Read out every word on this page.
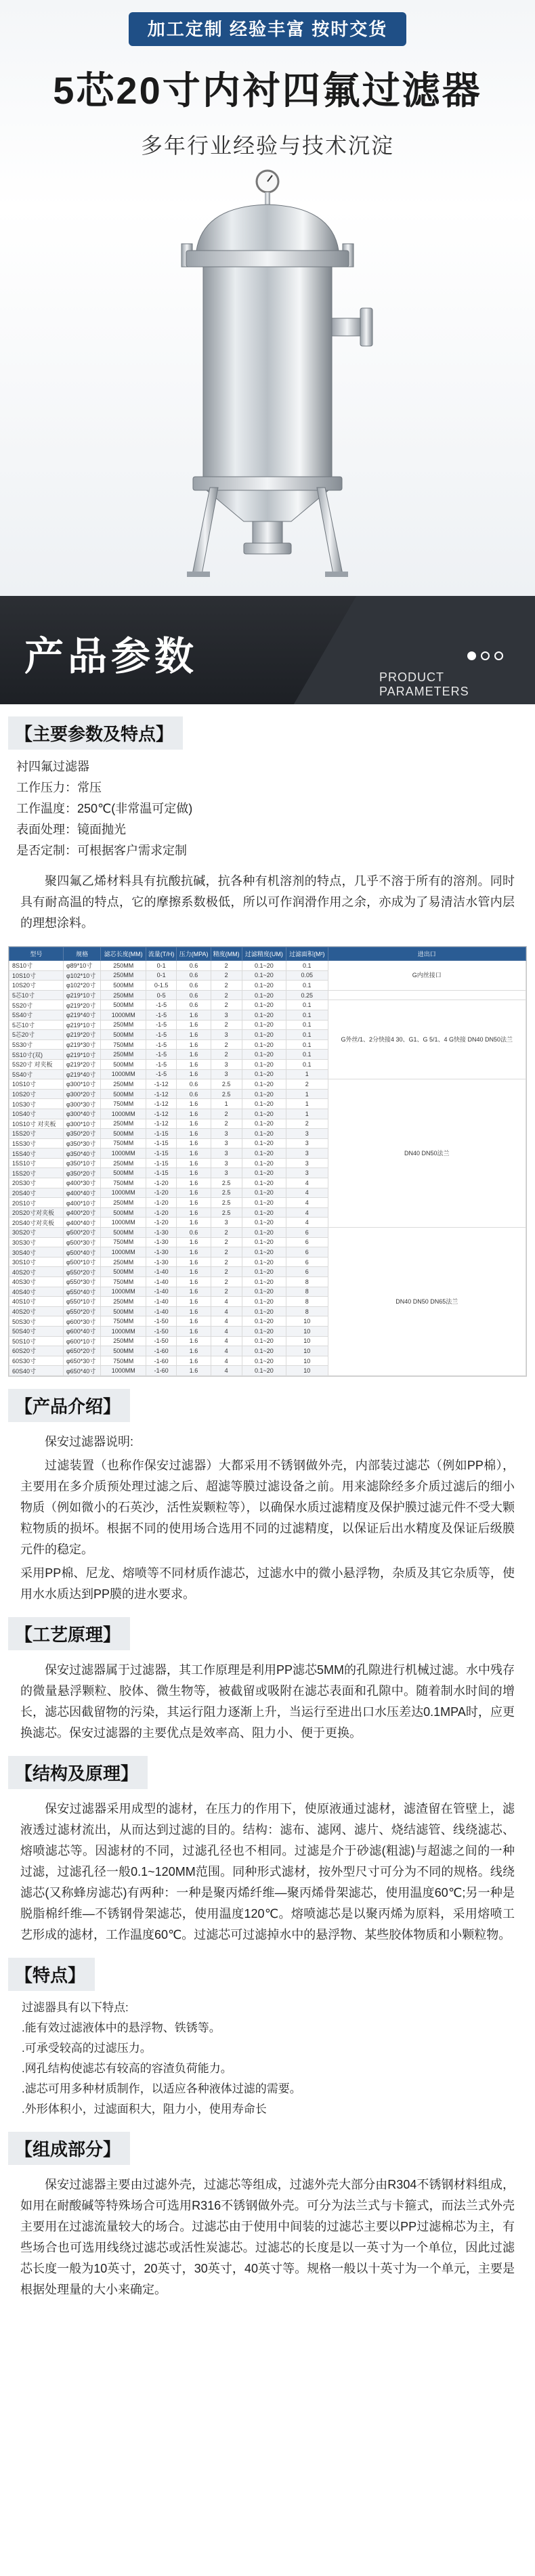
加工定制 经验丰富 按时交货
5芯20寸内衬四氟过滤器
多年行业经验与技术沉淀
产品参数	PRODUCT PARAMETERS
【主要参数及特点】
衬四氟过滤器
工作压力：常压
工作温度：250℃(非常温可定做)
表面处理：镜面抛光
是否定制：可根据客户需求定制
聚四氟乙烯材料具有抗酸抗碱，抗各种有机溶剂的特点，几乎不溶于所有的溶剂。同时具有耐高温的特点，它的摩擦系数极低，所以可作润滑作用之余，亦成为了易清洁水管内层的理想涂料。
型号	规格	滤芯长度(MM)	流量(T/H)	压力(MPA)	精度(MM)	过滤精度(UM)	过滤面积(M²)	进出口
8S10寸	φ89*10寸	250MM	0-1	0.6	2	0.1~20	0.1	G内丝接口
10S10寸	φ102*10寸	250MM	0-1	0.6	2	0.1~20	0.05	
10S20寸	φ102*20寸	500MM	0-1.5	0.6	2	0.1~20	0.1	
5芯10寸	φ219*10寸	250MM	0-5	0.6	2	0.1~20	0.25	
5S20寸	φ219*20寸	500MM	-1-5	0.6	2	0.1~20	0.1	G外丝/1、2分快接4 30、G1、G 5/1、4 G快接 DN40 DN50法兰
5S40寸	φ219*40寸	1000MM	-1-5	1.6	3	0.1~20	0.1	
5芯10寸	φ219*10寸	250MM	-1-5	1.6	2	0.1~20	0.1	
5芯20寸	φ219*20寸	500MM	-1-5	1.6	3	0.1~20	0.1	
5S30寸	φ219*30寸	750MM	-1-5	1.6	2	0.1~20	0.1	
5S10寸(双)	φ219*10寸	250MM	-1-5	1.6	2	0.1~20	0.1	
5S20寸 对夹板	φ219*20寸	500MM	-1-5	1.6	3	0.1~20	0.1	
5S40寸	φ219*40寸	1000MM	-1-5	1.6	3	0.1~20	1	
10S10寸	φ300*10寸	250MM	-1-12	0.6	2.5	0.1~20	2	DN40 DN50法兰
10S20寸	φ300*20寸	500MM	-1-12	0.6	2.5	0.1~20	1	
10S30寸	φ300*30寸	750MM	-1-12	1.6	1	0.1~20	1	
10S40寸	φ300*40寸	1000MM	-1-12	1.6	2	0.1~20	1	
10S10寸 对夹板	φ300*10寸	250MM	-1-12	1.6	2	0.1~20	2	
15S20寸	φ350*20寸	500MM	-1-15	1.6	3	0.1~20	3	
15S30寸	φ350*30寸	750MM	-1-15	1.6	3	0.1~20	3	
15S40寸	φ350*40寸	1000MM	-1-15	1.6	3	0.1~20	3	
15S10寸	φ350*10寸	250MM	-1-15	1.6	3	0.1~20	3	
15S20寸	φ350*20寸	500MM	-1-15	1.6	3	0.1~20	3	
20S30寸	φ400*30寸	750MM	-1-20	1.6	2.5	0.1~20	4	
20S40寸	φ400*40寸	1000MM	-1-20	1.6	2.5	0.1~20	4	
20S10寸	φ400*10寸	250MM	-1-20	1.6	2.5	0.1~20	4	
20S20寸对夹板	φ400*20寸	500MM	-1-20	1.6	2.5	0.1~20	4	
20S40寸对夹板	φ400*40寸	1000MM	-1-20	1.6	3	0.1~20	4	
30S20寸	φ500*20寸	500MM	-1-30	0.6	2	0.1~20	6	DN40 DN50 DN65法兰
30S30寸	φ500*30寸	750MM	-1-30	1.6	2	0.1~20	6	
30S40寸	φ500*40寸	1000MM	-1-30	1.6	2	0.1~20	6	
30S10寸	φ500*10寸	250MM	-1-30	1.6	2	0.1~20	6	
40S20寸	φ550*20寸	500MM	-1-40	1.6	2	0.1~20	6	
40S30寸	φ550*30寸	750MM	-1-40	1.6	2	0.1~20	8	
40S40寸	φ550*40寸	1000MM	-1-40	1.6	2	0.1~20	8	
40S10寸	φ550*10寸	250MM	-1-40	1.6	4	0.1~20	8	
40S20寸	φ550*20寸	500MM	-1-40	1.6	4	0.1~20	8	
50S30寸	φ600*30寸	750MM	-1-50	1.6	4	0.1~20	10	
50S40寸	φ600*40寸	1000MM	-1-50	1.6	4	0.1~20	10	
50S10寸	φ600*10寸	250MM	-1-50	1.6	4	0.1~20	10	
60S20寸	φ650*20寸	500MM	-1-60	1.6	4	0.1~20	10	
60S30寸	φ650*30寸	750MM	-1-60	1.6	4	0.1~20	10	
60S40寸	φ650*40寸	1000MM	-1-60	1.6	4	0.1~20	10	
【产品介绍】
保安过滤器说明:
过滤装置（也称作保安过滤器）大都采用不锈钢做外壳，内部装过滤芯（例如PP棉），主要用在多介质预处理过滤之后、超滤等膜过滤设备之前。用来滤除经多介质过滤后的细小物质（例如微小的石英沙，活性炭颗粒等），以确保水质过滤精度及保护膜过滤元件不受大颗粒物质的损坏。根据不同的使用场合选用不同的过滤精度，以保证后出水精度及保证后级膜元件的稳定。
采用PP棉、尼龙、熔喷等不同材质作滤芯，过滤水中的微小悬浮物，杂质及其它杂质等，使用水水质达到PP膜的进水要求。
【工艺原理】
保安过滤器属于过滤器，其工作原理是利用PP滤芯5MM的孔隙进行机械过滤。水中残存的微量悬浮颗粒、胶体、微生物等，被截留或吸附在滤芯表面和孔隙中。随着制水时间的增长，滤芯因截留物的污染，其运行阻力逐渐上升，当运行至进出口水压差达0.1MPA时，应更换滤芯。保安过滤器的主要优点是效率高、阻力小、便于更换。
【结构及原理】
保安过滤器采用成型的滤材，在压力的作用下，使原液通过滤材，滤渣留在管壁上，滤液透过滤材流出，从而达到过滤的目的。结构：滤布、滤网、滤片、烧结滤管、线绕滤芯、熔喷滤芯等。因滤材的不同，过滤孔径也不相同。过滤是介于砂滤(粗滤)与超滤之间的一种过滤，过滤孔径一般0.1~120MM范围。同种形式滤材，按外型尺寸可分为不同的规格。线绕滤芯(又称蜂房滤芯)有两种：一种是聚丙烯纤维—聚丙烯骨架滤芯，使用温度60℃;另一种是脱脂棉纤维—不锈钢骨架滤芯，使用温度120℃。熔喷滤芯是以聚丙烯为原料，采用熔喷工艺形成的滤材，工作温度60℃。过滤芯可过滤掉水中的悬浮物、某些胶体物质和小颗粒物。
【特点】
过滤器具有以下特点:
.能有效过滤液体中的悬浮物、铁锈等。
.可承受较高的过滤压力。
.网孔结构使滤芯有较高的容渣负荷能力。
.滤芯可用多种材质制作，以适应各种液体过滤的需要。
.外形体积小，过滤面积大，阻力小，使用寿命长
【组成部分】
保安过滤器主要由过滤外壳，过滤芯等组成，过滤外壳大部分由R304不锈钢材料组成，如用在耐酸碱等特殊场合可选用R316不锈钢做外壳。可分为法兰式与卡箍式，而法兰式外壳主要用在过滤流量较大的场合。过滤芯由于使用中间装的过滤芯主要以PP过滤棉芯为主，有些场合也可选用线绕过滤芯或活性炭滤芯。过滤芯的长度是以一英寸为一个单位，因此过滤芯长度一般为10英寸，20英寸，30英寸，40英寸等。规格一般以十英寸为一个单元，主要是根据处理量的大小来确定。
